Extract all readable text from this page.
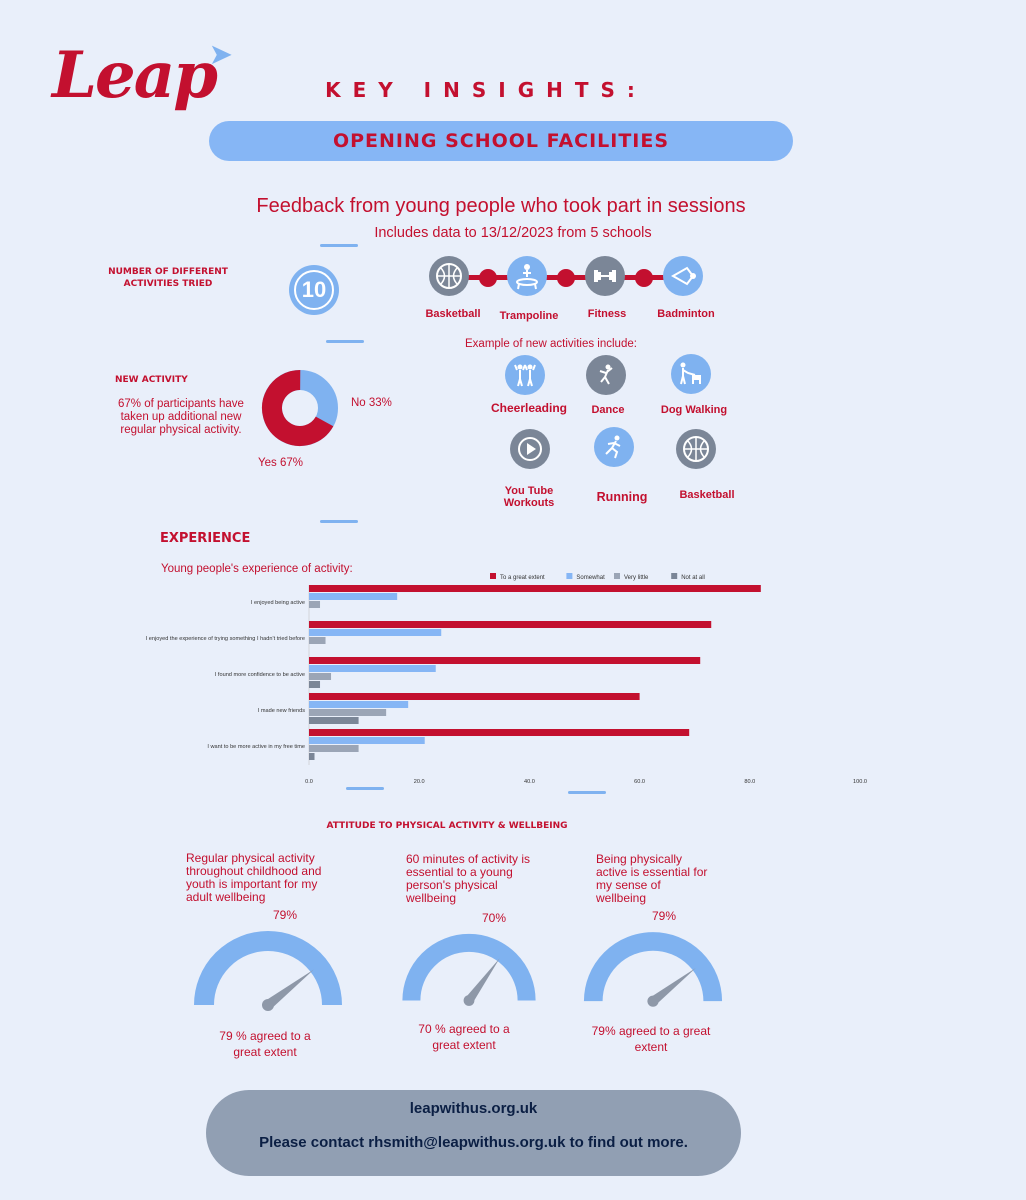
Leap
➤
KEY INSIGHTS:
OPENING SCHOOL FACILITIES
Feedback from young people who took part in sessions
Includes data to 13/12/2023 from 5 schools
NUMBER OF DIFFERENT ACTIVITIES TRIED	10
Basketball	Trampoline	Fitness	Badminton
NEW ACTIVITY
67% of participants have taken up additional new regular physical activity.
No 33%
Yes 67%
Example of new activities include:
Cheerleading	Dance	Dog Walking
You Tube Workouts	Running	Basketball
EXPERIENCE
Young people's experience of activity:
To a great extent	Somewhat	Very little	Not at all
I enjoyed being active
I enjoyed the experience of trying something I hadn't tried before
I found more confidence to be active
I made new friends
I want to be more active in my free time
0.0	20.0	40.0	60.0	80.0	100.0
ATTITUDE TO PHYSICAL ACTIVITY & WELLBEING
Regular physical activity throughout childhood and youth is important for my adult wellbeing
79%
79 % agreed to a great extent
60 minutes of activity is essential to a young person's physical wellbeing
70%
70 % agreed to a great extent
Being physically active is essential for my sense of wellbeing
79%
79% agreed to a great extent
leapwithus.org.uk
Please contact rhsmith@leapwithus.org.uk to find out more.
